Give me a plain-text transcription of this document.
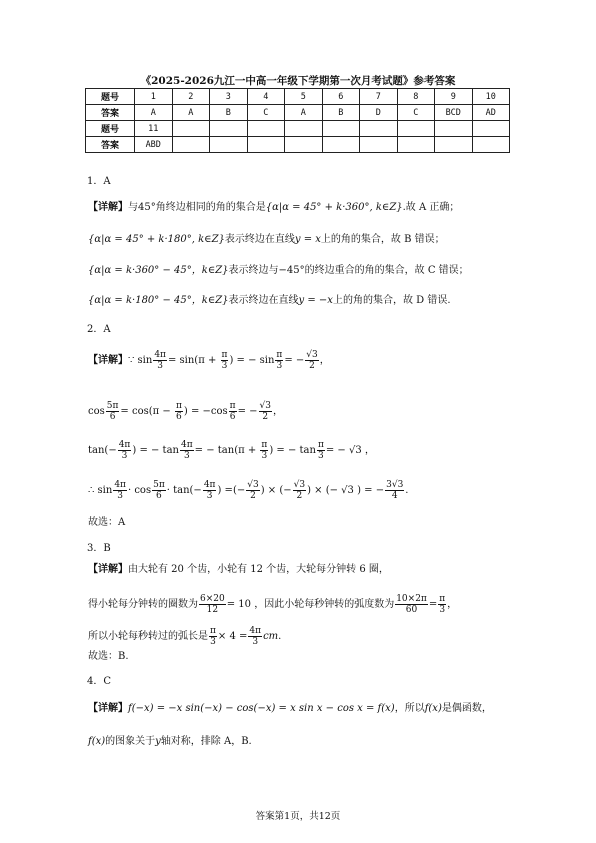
《2025-2026九江一中高一年级下学期第一次月考试题》参考答案
题号	1	2	3	4	5	6	7	8	9	10
答案	A	A	B	C	A	B	D	C	BCD	AD
题号	11									
答案	ABD									
1．A
【详解】与45°角终边相同的角的集合是{α|α = 45° + k·360°, k∈Z}.故 A 正确；
{α|α = 45° + k·180°, k∈Z}表示终边在直线y = x上的角的集合，故 B 错误；
{α|α = k·360° − 45°，k∈Z}表示终边与−45°的终边重合的角的集合，故 C 错误；
{α|α = k·180° − 45°，k∈Z}表示终边在直线y = −x上的角的集合，故 D 错误.
2．A
【详解】∵ $\sin \frac{4\pi}{3} = \sin(\pi + \frac{\pi}{3}$ ) = − $\sin \frac{\pi}{3}$ = − $\frac{√3}{2}$ ，
$\cos \frac{5\pi}{6} = \cos(\pi - \frac{\pi}{6}$ ) = $-\cos \frac{\pi}{6}$ = − $\frac{√3}{2}$ ，
$\tan(- \frac{4\pi}{3}$ ) = − $\tan \frac{4\pi}{3}$ = − $\tan(\pi + \frac{\pi}{3}$ ) = − $\tan \frac{\pi}{3}$ = − √3 ，
∴ $\sin \frac{4\pi}{3} \cdot \cos \frac{5\pi}{6} \cdot \tan(- \frac{4\pi}{3}$ ) =(− $\frac{√3}{2}$ ) × (− $\frac{√3}{2}$ ) × (− √3 ) = − $\frac{3√3}{4}$ .
故选：A
3．B
【详解】由大轮有 20 个齿，小轮有 12 个齿，大轮每分钟转 6 圈，
得小轮每分钟转的圈数为 $\frac{6\times 20}{12} = 10$ ，因此小轮每秒钟转的弧度数为 $\frac{10\times 2\pi}{60} = \frac{\pi}{3}$ ，
所以小轮每秒转过的弧长是 $\frac{\pi}{3} \times 4 = \frac{4\pi}{3}$ cm.
故选：B.
4．C
【详解】f(−x) = −x sin(−x) − cos(−x) = x sin x − cos x = f(x)，所以f(x)是偶函数，
f(x)的图象关于y轴对称，排除 A，B.
答案第1页，共12页
